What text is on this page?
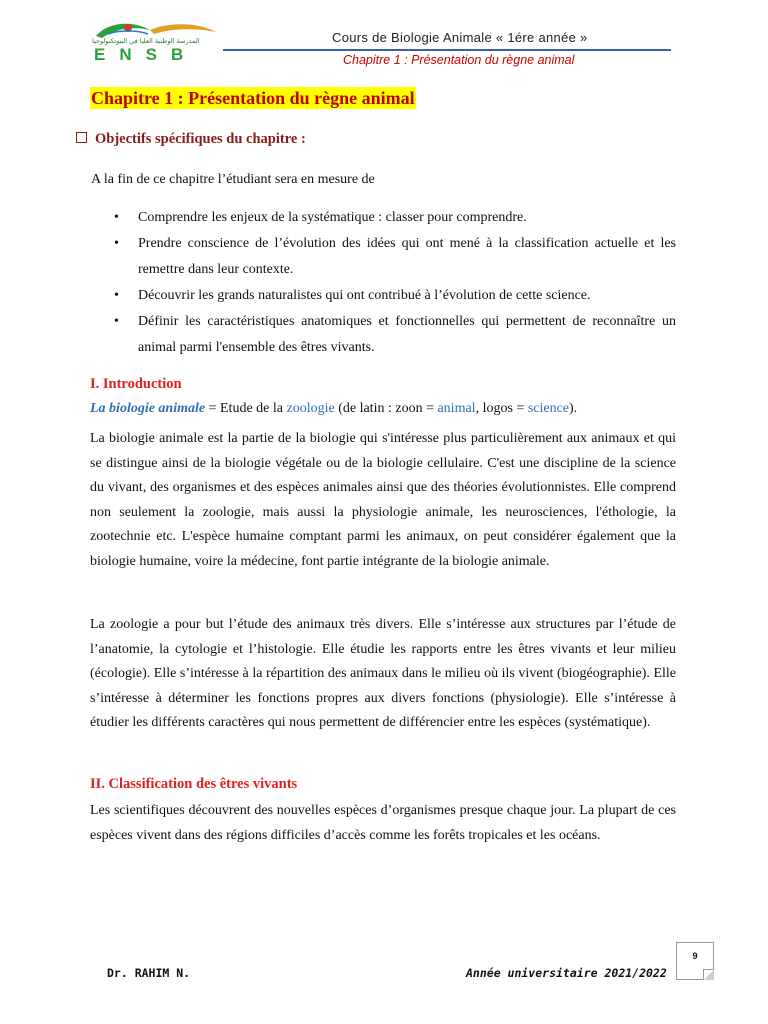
المدرسة الوطنية العليا في البيوتكنولوجيا
ENSB
Cours de Biologie Animale « 1ére année »
Chapitre 1 : Présentation du règne animal
Chapitre 1 : Présentation du règne animal
Objectifs spécifiques du chapitre :
A la fin de ce chapitre l’étudiant sera en mesure de
• Comprendre les enjeux de la systématique : classer pour comprendre.
• Prendre conscience de l’évolution des idées qui ont mené à la classification actuelle et les remettre dans leur contexte.
• Découvrir les grands naturalistes qui ont contribué à l’évolution de cette science.
• Définir les caractéristiques anatomiques et fonctionnelles qui permettent de reconnaître un animal parmi l'ensemble des êtres vivants.
I. Introduction
La biologie animale = Etude de la zoologie (de latin : zoon = animal, logos = science).

La biologie animale est la partie de la biologie qui s'intéresse plus particulièrement aux animaux et qui se distingue ainsi de la biologie végétale ou de la biologie cellulaire. C'est une discipline de la science du vivant, des organismes et des espèces animales ainsi que des théories évolutionnistes. Elle comprend non seulement la zoologie, mais aussi la physiologie animale, les neurosciences, l'éthologie, la zootechnie etc. L'espèce humaine comptant parmi les animaux, on peut considérer également que la biologie humaine, voire la médecine, font partie intégrante de la biologie animale.

La zoologie a pour but l’étude des animaux très divers. Elle s’intéresse aux structures par l’étude de l’anatomie, la cytologie et l’histologie. Elle étudie les rapports entre les êtres vivants et leur milieu (écologie). Elle s’intéresse à la répartition des animaux dans le milieu où ils vivent (biogéographie). Elle s’intéresse à déterminer les fonctions propres aux divers fonctions (physiologie). Elle s’intéresse à étudier les différents caractères qui nous permettent de différencier entre les espèces (systématique).

II. Classification des êtres vivants

Les scientifiques découvrent des nouvelles espèces d’organismes presque chaque jour. La plupart de ces espèces vivent dans des régions difficiles d’accès comme les forêts tropicales et les océans.

9
Dr. RAHIM N.	Année universitaire 2021/2022
